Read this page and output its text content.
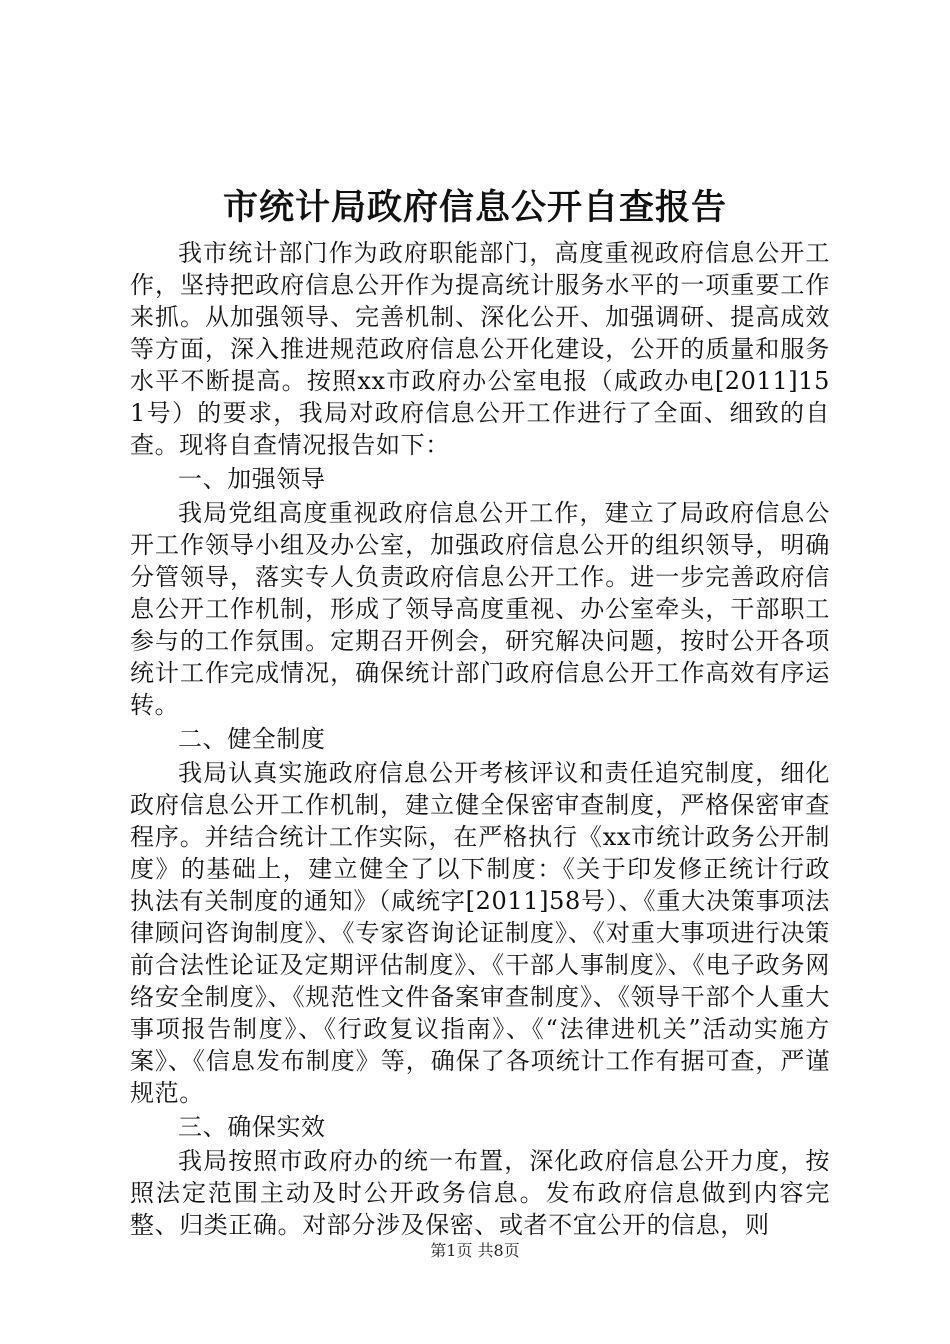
市统计局政府信息公开自查报告

我市统计部门作为政府职能部门，高度重视政府信息公开工作，坚持把政府信息公开作为提高统计服务水平的一项重要工作来抓。从加强领导、完善机制、深化公开、加强调研、提高成效等方面，深入推进规范政府信息公开化建设，公开的质量和服务水平不断提高。按照xx市政府办公室电报（咸政办电[2011]151号）的要求，我局对政府信息公开工作进行了全面、细致的自查。现将自查情况报告如下：

一、加强领导

我局党组高度重视政府信息公开工作，建立了局政府信息公开工作领导小组及办公室，加强政府信息公开的组织领导，明确分管领导，落实专人负责政府信息公开工作。进一步完善政府信息公开工作机制，形成了领导高度重视、办公室牵头，干部职工参与的工作氛围。定期召开例会，研究解决问题，按时公开各项统计工作完成情况，确保统计部门政府信息公开工作高效有序运转。

二、健全制度

我局认真实施政府信息公开考核评议和责任追究制度，细化政府信息公开工作机制，建立健全保密审查制度，严格保密审查程序。并结合统计工作实际，在严格执行《xx市统计政务公开制度》的基础上，建立健全了以下制度：《关于印发修正统计行政执法有关制度的通知》（咸统字[2011]58号）、《重大决策事项法律顾问咨询制度》、《专家咨询论证制度》、《对重大事项进行决策前合法性论证及定期评估制度》、《干部人事制度》、《电子政务网络安全制度》、《规范性文件备案审查制度》、《领导干部个人重大事项报告制度》、《行政复议指南》、《“法律进机关”活动实施方案》、《信息发布制度》等，确保了各项统计工作有据可查，严谨规范。

三、确保实效

我局按照市政府办的统一布置，深化政府信息公开力度，按照法定范围主动及时公开政务信息。发布政府信息做到内容完整、归类正确。对部分涉及保密、或者不宜公开的信息，则

第1页 共8页
